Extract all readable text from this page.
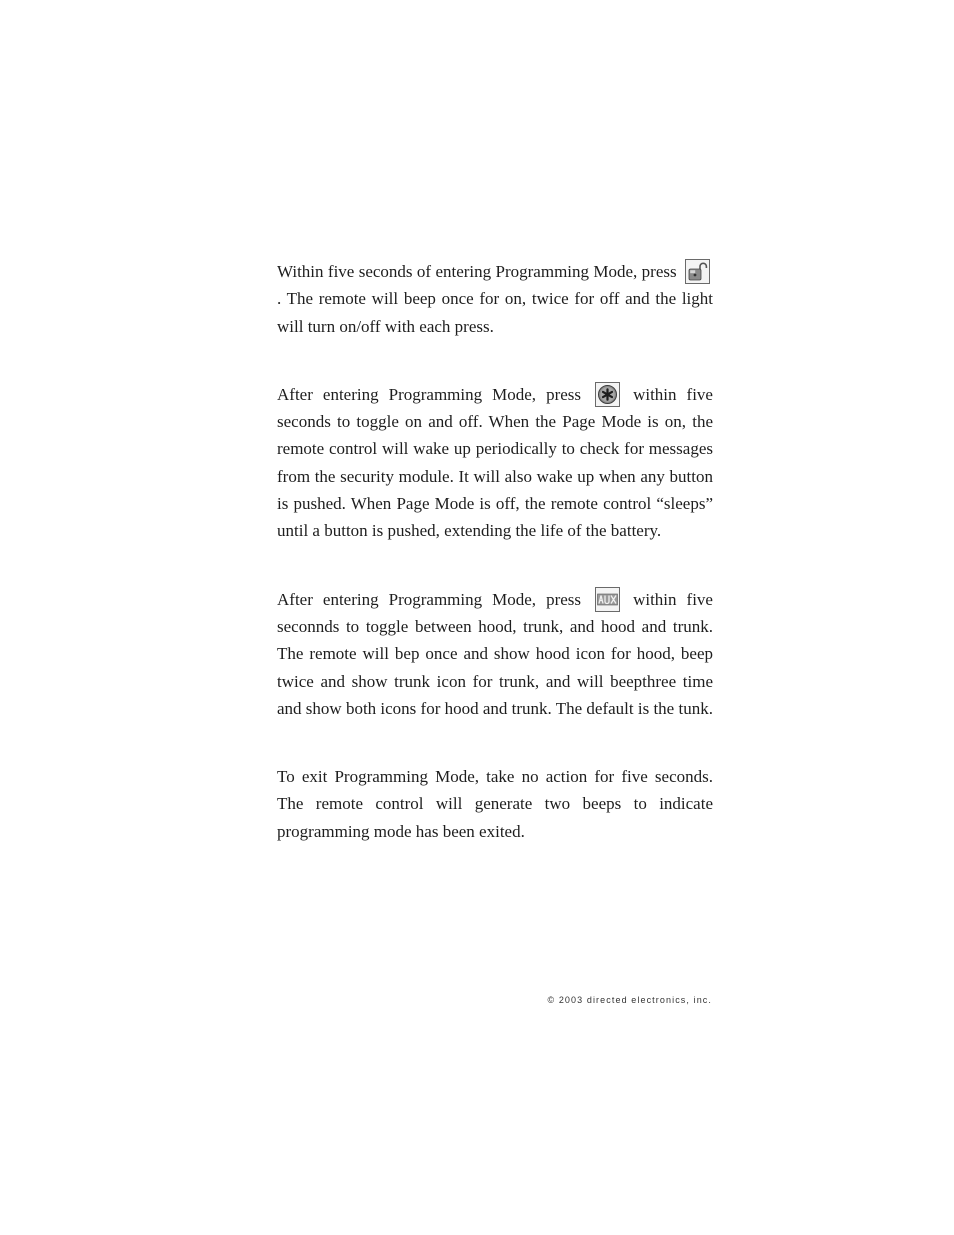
Within five seconds of entering Programming Mode, press
. The remote will beep once for on, twice for off and the light will turn on/off with each press.

After entering Programming Mode, press
within five seconds to toggle on and off. When the Page Mode is on, the remote control will wake up periodically to check for messages from the security module. It will also wake up when any button is pushed. When Page Mode is off, the remote control “sleeps” until a button is pushed, extending the life of the battery.

After entering Programming Mode, press
within five seconnds to toggle between hood, trunk, and hood and trunk. The remote will bep once and show hood icon for hood, beep twice and show trunk icon for trunk, and will beepthree time and show both icons for hood and trunk. The default is the tunk.

To exit Programming Mode, take no action for five seconds. The remote control will generate two beeps to indicate programming mode has been exited.

© 2003 directed electronics, inc.
